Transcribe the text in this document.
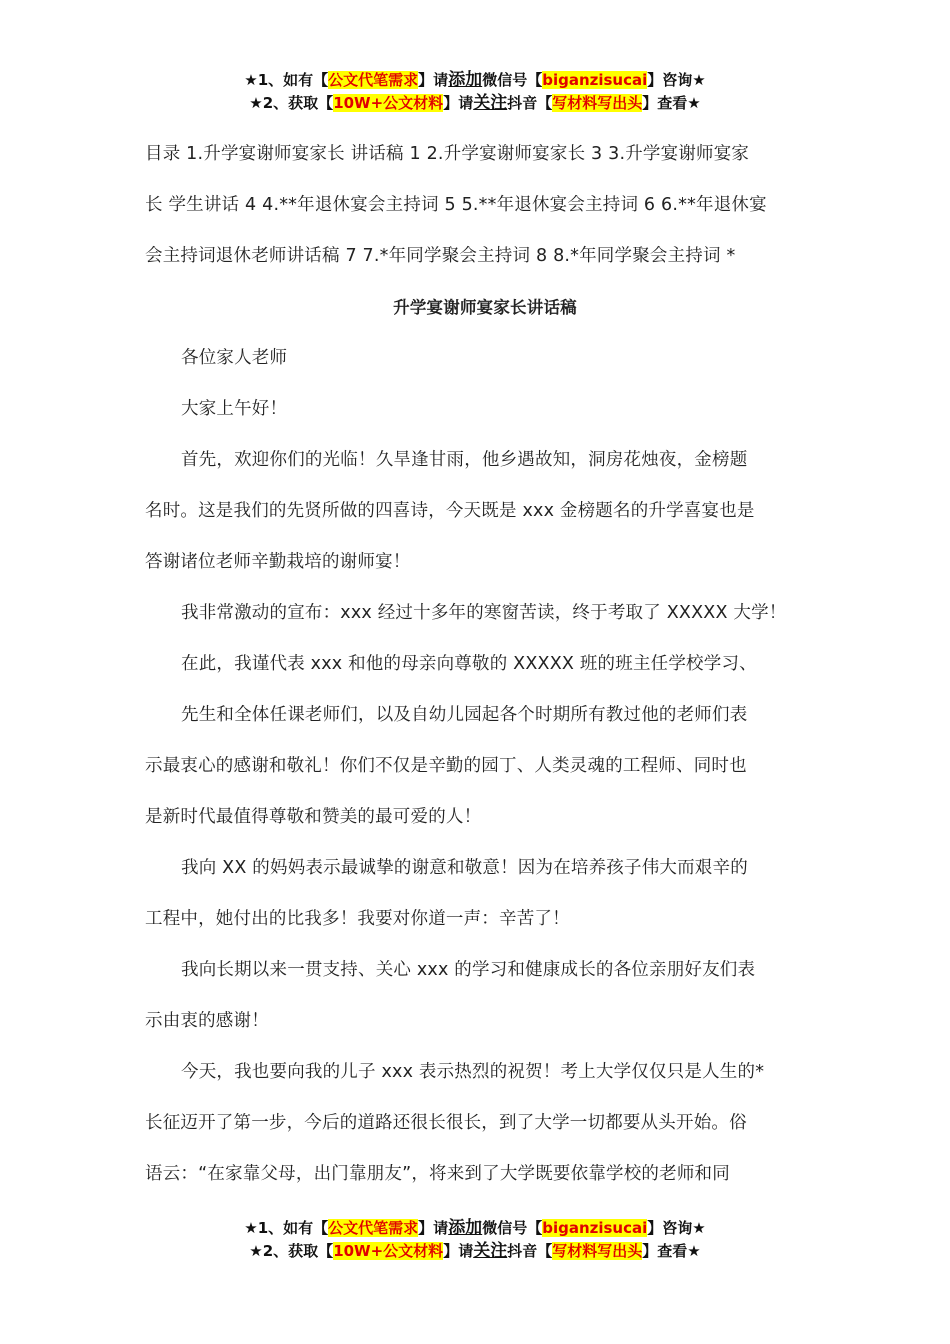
★1、如有【公文代笔需求】请添加微信号【biganzisucai】咨询★
★2、获取【10W+公文材料】请关注抖音【写材料写出头】查看★

目录 1.升学宴谢师宴家长 讲话稿 1 2.升学宴谢师宴家长 3 3.升学宴谢师宴家

长 学生讲话 4 4.**年退休宴会主持词 5 5.**年退休宴会主持词 6 6.**年退休宴

会主持词退休老师讲话稿 7 7.*年同学聚会主持词 8 8.*年同学聚会主持词 *

升学宴谢师宴家长讲话稿

各位家人老师

大家上午好！

首先，欢迎你们的光临！久旱逢甘雨，他乡遇故知，洞房花烛夜，金榜题

名时。这是我们的先贤所做的四喜诗，今天既是 xxx 金榜题名的升学喜宴也是

答谢诸位老师辛勤栽培的谢师宴！

我非常激动的宣布：xxx 经过十多年的寒窗苦读，终于考取了 XXXXX 大学！

在此，我谨代表 xxx 和他的母亲向尊敬的 XXXXX 班的班主任学校学习、

先生和全体任课老师们，以及自幼儿园起各个时期所有教过他的老师们表

示最衷心的感谢和敬礼！你们不仅是辛勤的园丁、人类灵魂的工程师、同时也

是新时代最值得尊敬和赞美的最可爱的人！

我向 XX 的妈妈表示最诚挚的谢意和敬意！因为在培养孩子伟大而艰辛的

工程中，她付出的比我多！我要对你道一声：辛苦了！

我向长期以来一贯支持、关心 xxx 的学习和健康成长的各位亲朋好友们表

示由衷的感谢！

今天，我也要向我的儿子 xxx 表示热烈的祝贺！考上大学仅仅只是人生的*

长征迈开了第一步，今后的道路还很长很长，到了大学一切都要从头开始。俗

语云：“在家靠父母，出门靠朋友”，将来到了大学既要依靠学校的老师和同

★1、如有【公文代笔需求】请添加微信号【biganzisucai】咨询★
★2、获取【10W+公文材料】请关注抖音【写材料写出头】查看★
